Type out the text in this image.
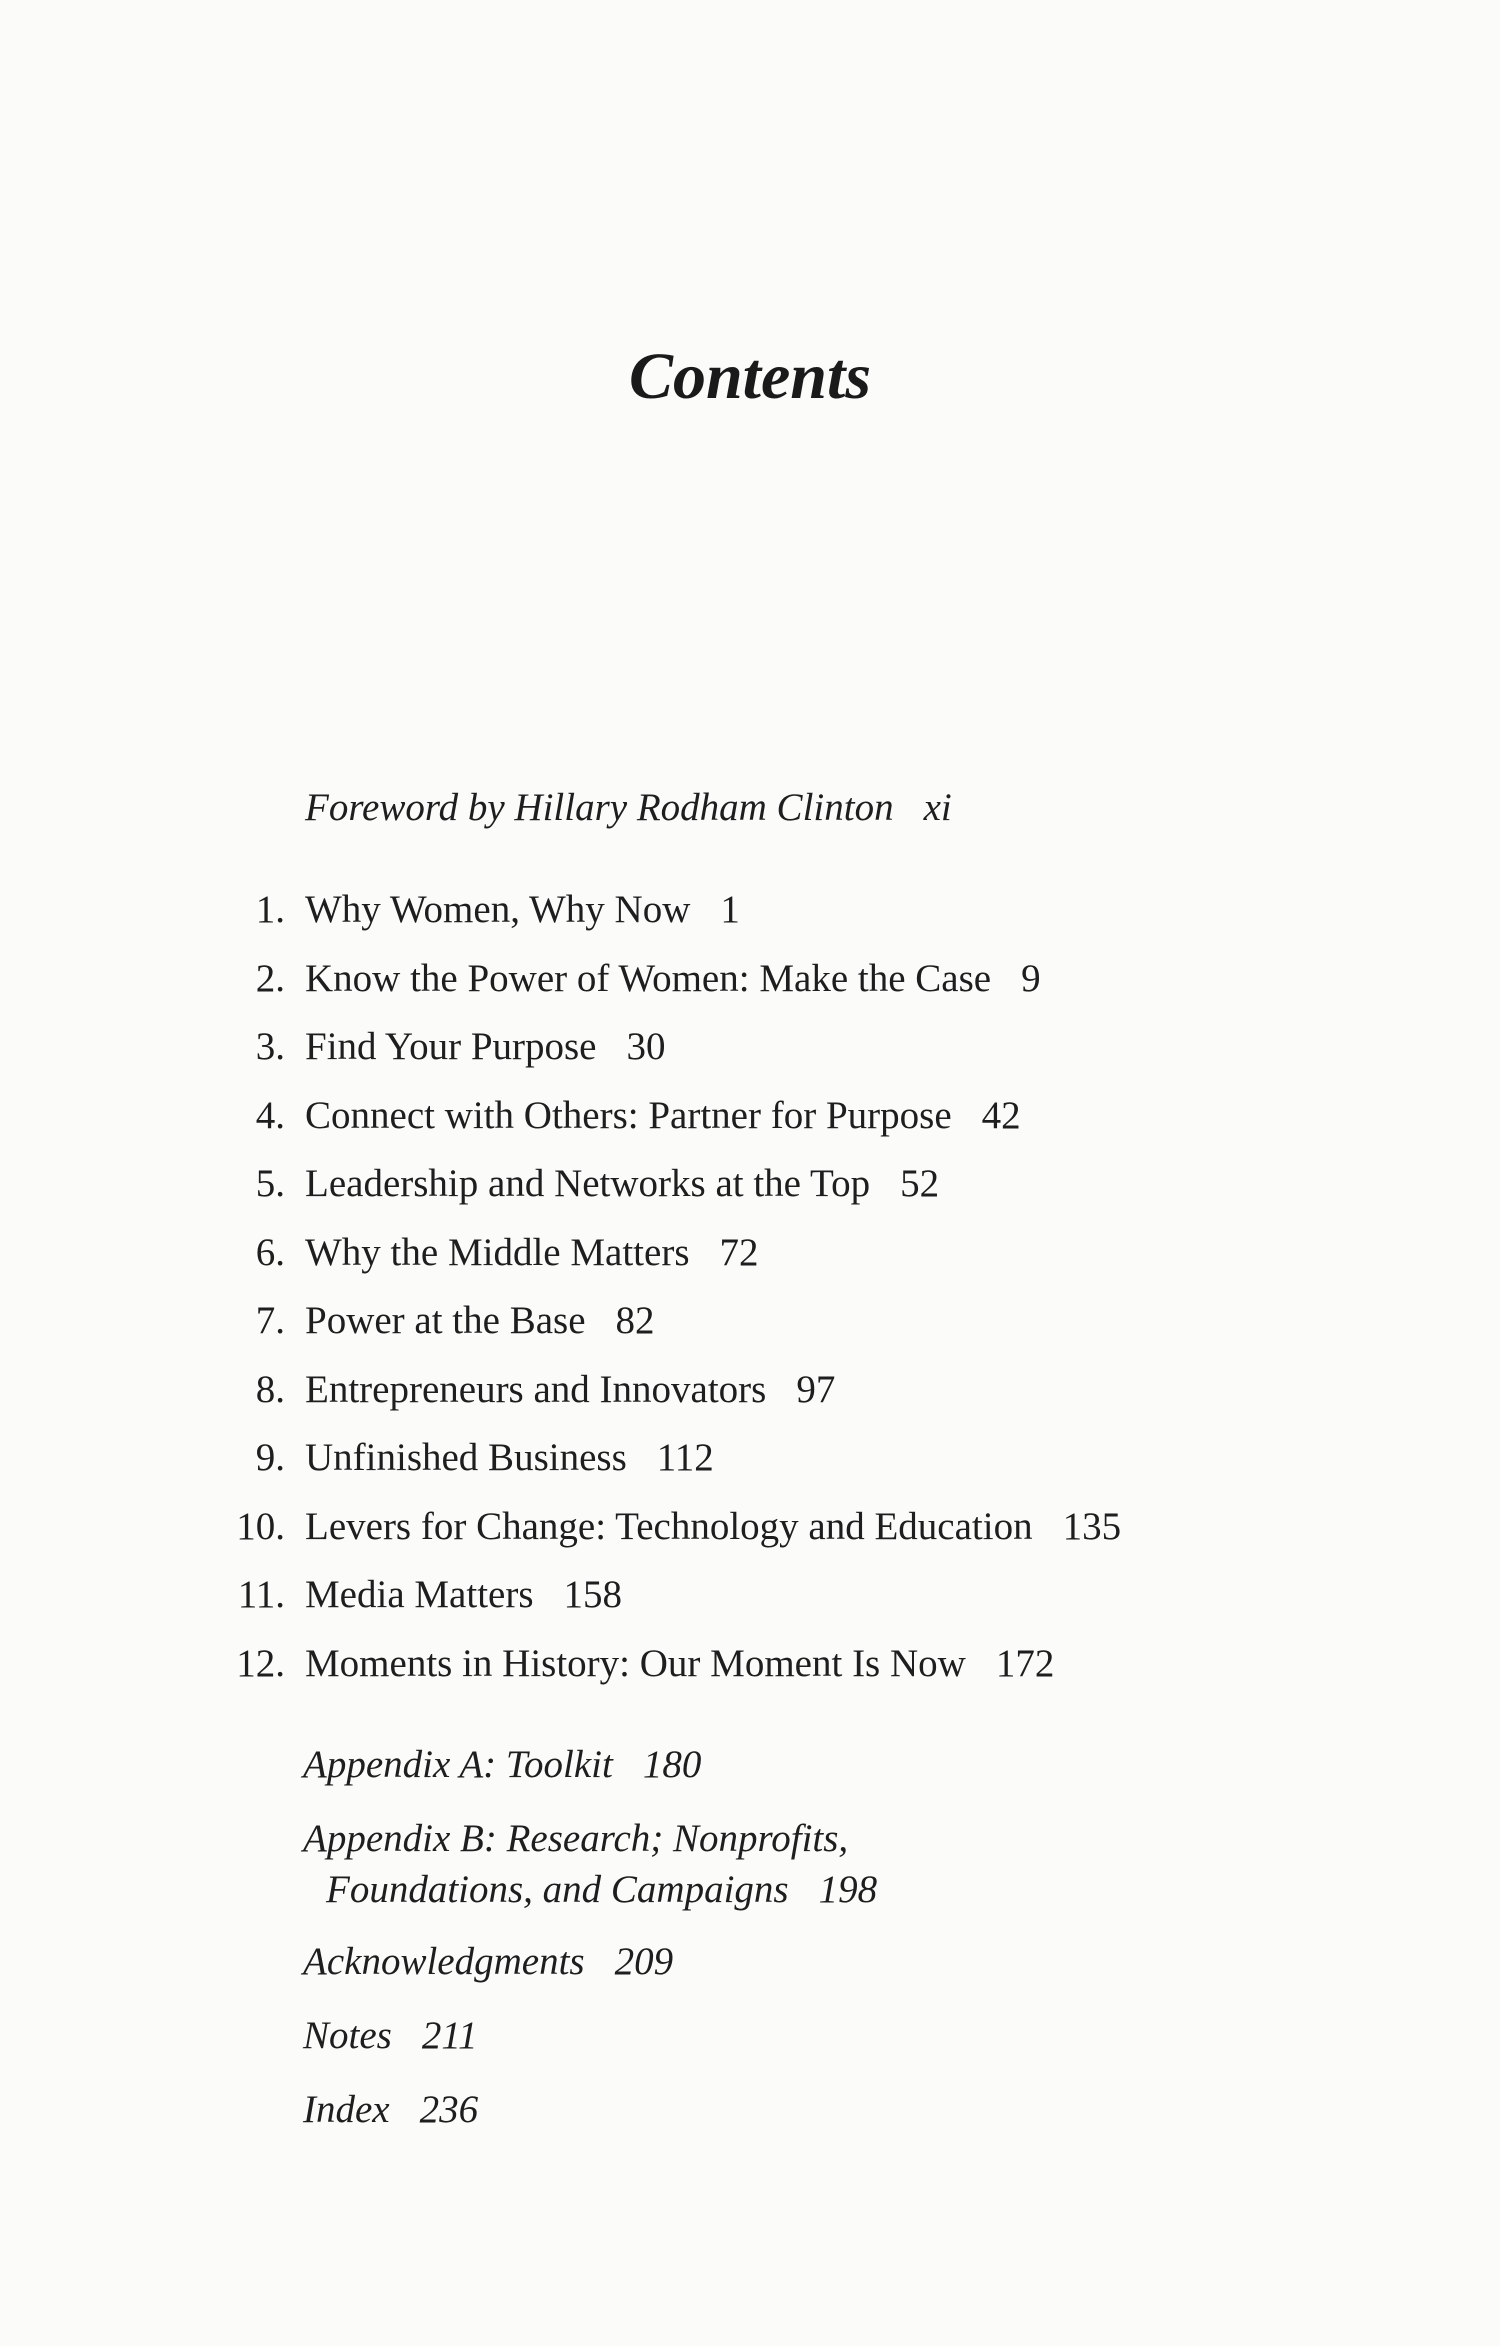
Contents
Foreword by Hillary Rodham Clinton xi
1. Why Women, Why Now 1
2. Know the Power of Women: Make the Case 9
3. Find Your Purpose 30
4. Connect with Others: Partner for Purpose 42
5. Leadership and Networks at the Top 52
6. Why the Middle Matters 72
7. Power at the Base 82
8. Entrepreneurs and Innovators 97
9. Unfinished Business 112
10. Levers for Change: Technology and Education 135
11. Media Matters 158
12. Moments in History: Our Moment Is Now 172
Appendix A: Toolkit 180
Appendix B: Research; Nonprofits,
Foundations, and Campaigns 198
Acknowledgments 209
Notes 211
Index 236
